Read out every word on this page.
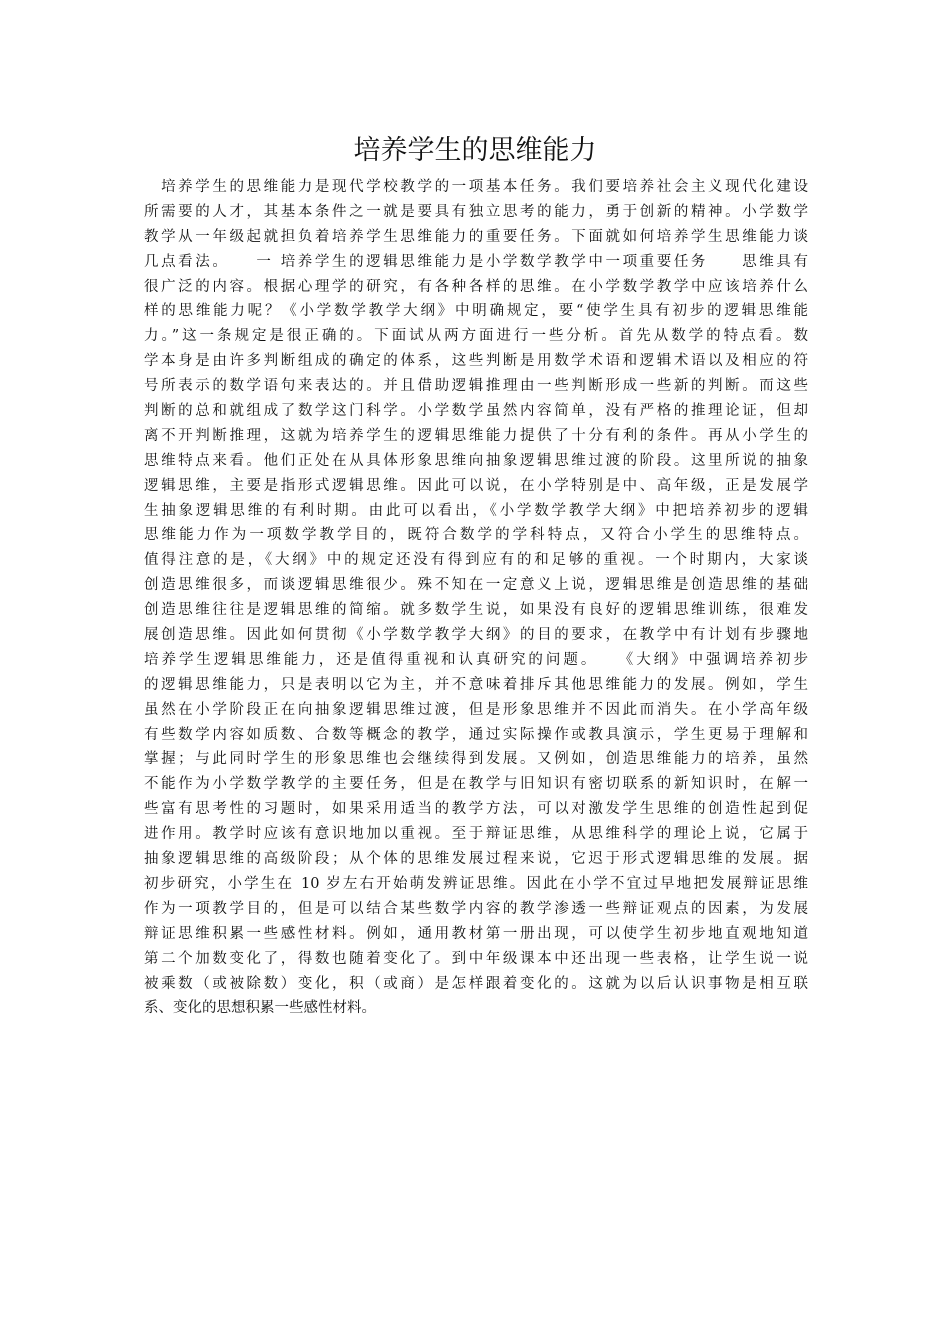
培养学生的思维能力
　培养学生的思维能力是现代学校教学的一项基本任务。我们要培养社会主义现代化建设
所需要的人才，其基本条件之一就是要具有独立思考的能力，勇于创新的精神。小学数学
教学从一年级起就担负着培养学生思维能力的重要任务。下面就如何培养学生思维能力谈
几点看法。　　一 培养学生的逻辑思维能力是小学数学教学中一项重要任务　　思维具有
很广泛的内容。根据心理学的研究，有各种各样的思维。在小学数学教学中应该培养什么
样的思维能力呢？《小学数学教学大纲》中明确规定，要“使学生具有初步的逻辑思维能
力。”这一条规定是很正确的。下面试从两方面进行一些分析。首先从数学的特点看。数
学本身是由许多判断组成的确定的体系，这些判断是用数学术语和逻辑术语以及相应的符
号所表示的数学语句来表达的。并且借助逻辑推理由一些判断形成一些新的判断。而这些
判断的总和就组成了数学这门科学。小学数学虽然内容简单，没有严格的推理论证，但却
离不开判断推理，这就为培养学生的逻辑思维能力提供了十分有利的条件。再从小学生的
思维特点来看。他们正处在从具体形象思维向抽象逻辑思维过渡的阶段。这里所说的抽象
逻辑思维，主要是指形式逻辑思维。因此可以说，在小学特别是中、高年级，正是发展学
生抽象逻辑思维的有利时期。由此可以看出，《小学数学教学大纲》中把培养初步的逻辑
思维能力作为一项数学教学目的，既符合数学的学科特点，又符合小学生的思维特点。
值得注意的是，《大纲》中的规定还没有得到应有的和足够的重视。一个时期内，大家谈
创造思维很多，而谈逻辑思维很少。殊不知在一定意义上说，逻辑思维是创造思维的基础
创造思维往往是逻辑思维的简缩。就多数学生说，如果没有良好的逻辑思维训练，很难发
展创造思维。因此如何贯彻《小学数学教学大纲》的目的要求，在教学中有计划有步骤地
培养学生逻辑思维能力，还是值得重视和认真研究的问题。　　《大纲》中强调培养初步
的逻辑思维能力，只是表明以它为主，并不意味着排斥其他思维能力的发展。例如，学生
虽然在小学阶段正在向抽象逻辑思维过渡，但是形象思维并不因此而消失。在小学高年级
有些数学内容如质数、合数等概念的教学，通过实际操作或教具演示，学生更易于理解和
掌握；与此同时学生的形象思维也会继续得到发展。又例如，创造思维能力的培养，虽然
不能作为小学数学教学的主要任务，但是在教学与旧知识有密切联系的新知识时，在解一
些富有思考性的习题时，如果采用适当的教学方法，可以对激发学生思维的创造性起到促
进作用。教学时应该有意识地加以重视。至于辩证思维，从思维科学的理论上说，它属于
抽象逻辑思维的高级阶段；从个体的思维发展过程来说，它迟于形式逻辑思维的发展。据
初步研究，小学生在 10 岁左右开始萌发辨证思维。因此在小学不宜过早地把发展辩证思维
作为一项教学目的，但是可以结合某些数学内容的教学渗透一些辩证观点的因素，为发展
辩证思维积累一些感性材料。例如，通用教材第一册出现，可以使学生初步地直观地知道
第二个加数变化了，得数也随着变化了。到中年级课本中还出现一些表格，让学生说一说
被乘数（或被除数）变化，积（或商）是怎样跟着变化的。这就为以后认识事物是相互联
系、变化的思想积累一些感性材料。
